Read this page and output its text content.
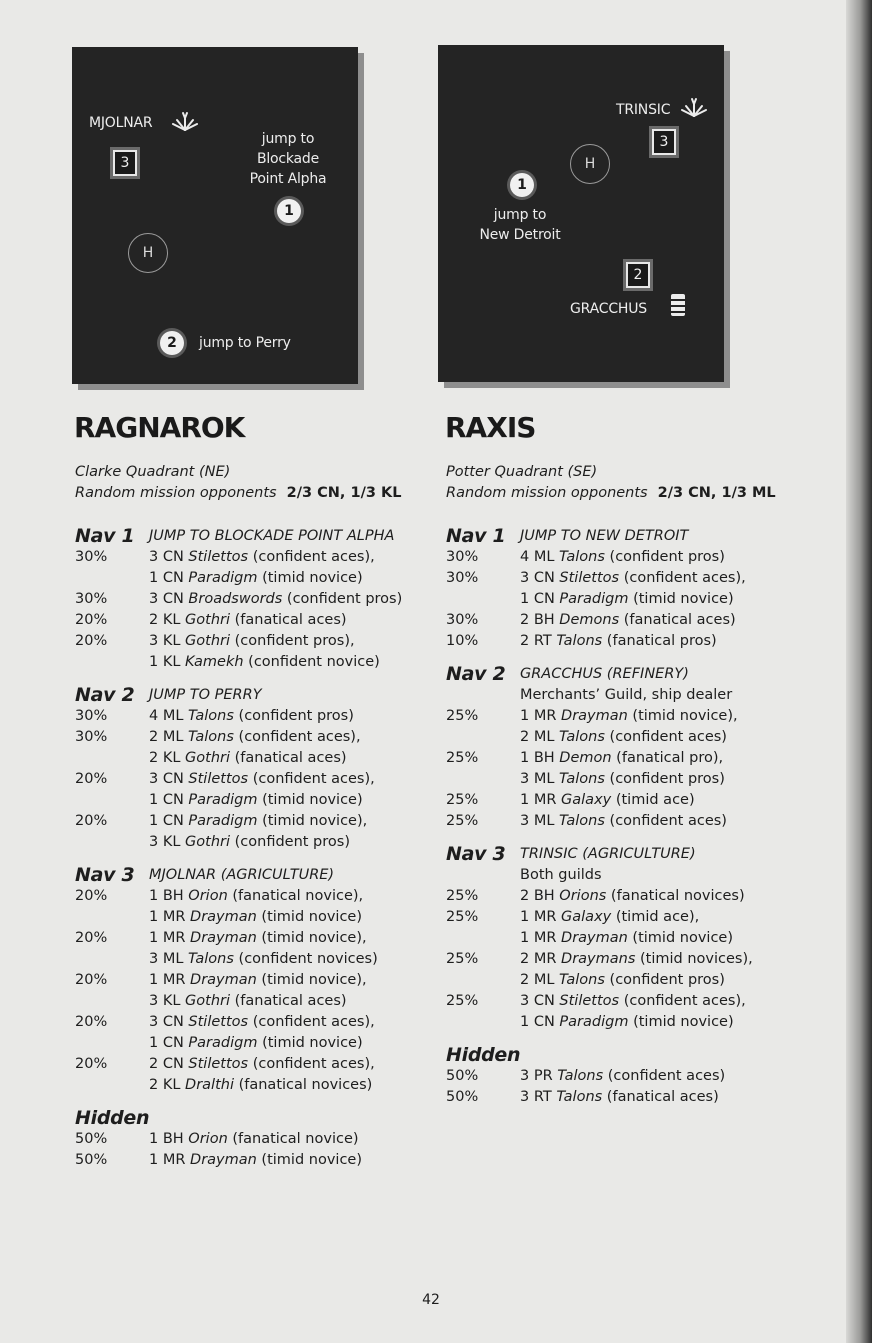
MJOLNAR
3
jump to
Blockade
Point Alpha
1
H
2	jump to Perry
TRINSIC
3
H
1
jump to
New Detroit
2
GRACCHUS
RAGNAROK
Clarke Quadrant (NE)
Random mission opponents 2/3 CN, 1/3 KL
Nav 1	JUMP TO BLOCKADE POINT ALPHA
30%	3 CN Stilettos (confident aces),
1 CN Paradigm (timid novice)
30%	3 CN Broadswords (confident pros)
20%	2 KL Gothri (fanatical aces)
20%	3 KL Gothri (confident pros),
1 KL Kamekh (confident novice)
Nav 2	JUMP TO PERRY
30%	4 ML Talons (confident pros)
30%	2 ML Talons (confident aces),
2 KL Gothri (fanatical aces)
20%	3 CN Stilettos (confident aces),
1 CN Paradigm (timid novice)
20%	1 CN Paradigm (timid novice),
3 KL Gothri (confident pros)
Nav 3	MJOLNAR (AGRICULTURE)
20%	1 BH Orion (fanatical novice),
1 MR Drayman (timid novice)
20%	1 MR Drayman (timid novice),
3 ML Talons (confident novices)
20%	1 MR Drayman (timid novice),
3 KL Gothri (fanatical aces)
20%	3 CN Stilettos (confident aces),
1 CN Paradigm (timid novice)
20%	2 CN Stilettos (confident aces),
2 KL Dralthi (fanatical novices)
Hidden
50%	1 BH Orion (fanatical novice)
50%	1 MR Drayman (timid novice)
RAXIS
Potter Quadrant (SE)
Random mission opponents 2/3 CN, 1/3 ML
Nav 1	JUMP TO NEW DETROIT
30%	4 ML Talons (confident pros)
30%	3 CN Stilettos (confident aces),
1 CN Paradigm (timid novice)
30%	2 BH Demons (fanatical aces)
10%	2 RT Talons (fanatical pros)
Nav 2	GRACCHUS (REFINERY)
Merchants’ Guild, ship dealer
25%	1 MR Drayman (timid novice),
2 ML Talons (confident aces)
25%	1 BH Demon (fanatical pro),
3 ML Talons (confident pros)
25%	1 MR Galaxy (timid ace)
25%	3 ML Talons (confident aces)
Nav 3	TRINSIC (AGRICULTURE)
Both guilds
25%	2 BH Orions (fanatical novices)
25%	1 MR Galaxy (timid ace),
1 MR Drayman (timid novice)
25%	2 MR Draymans (timid novices),
2 ML Talons (confident pros)
25%	3 CN Stilettos (confident aces),
1 CN Paradigm (timid novice)
Hidden
50%	3 PR Talons (confident aces)
50%	3 RT Talons (fanatical aces)
42
